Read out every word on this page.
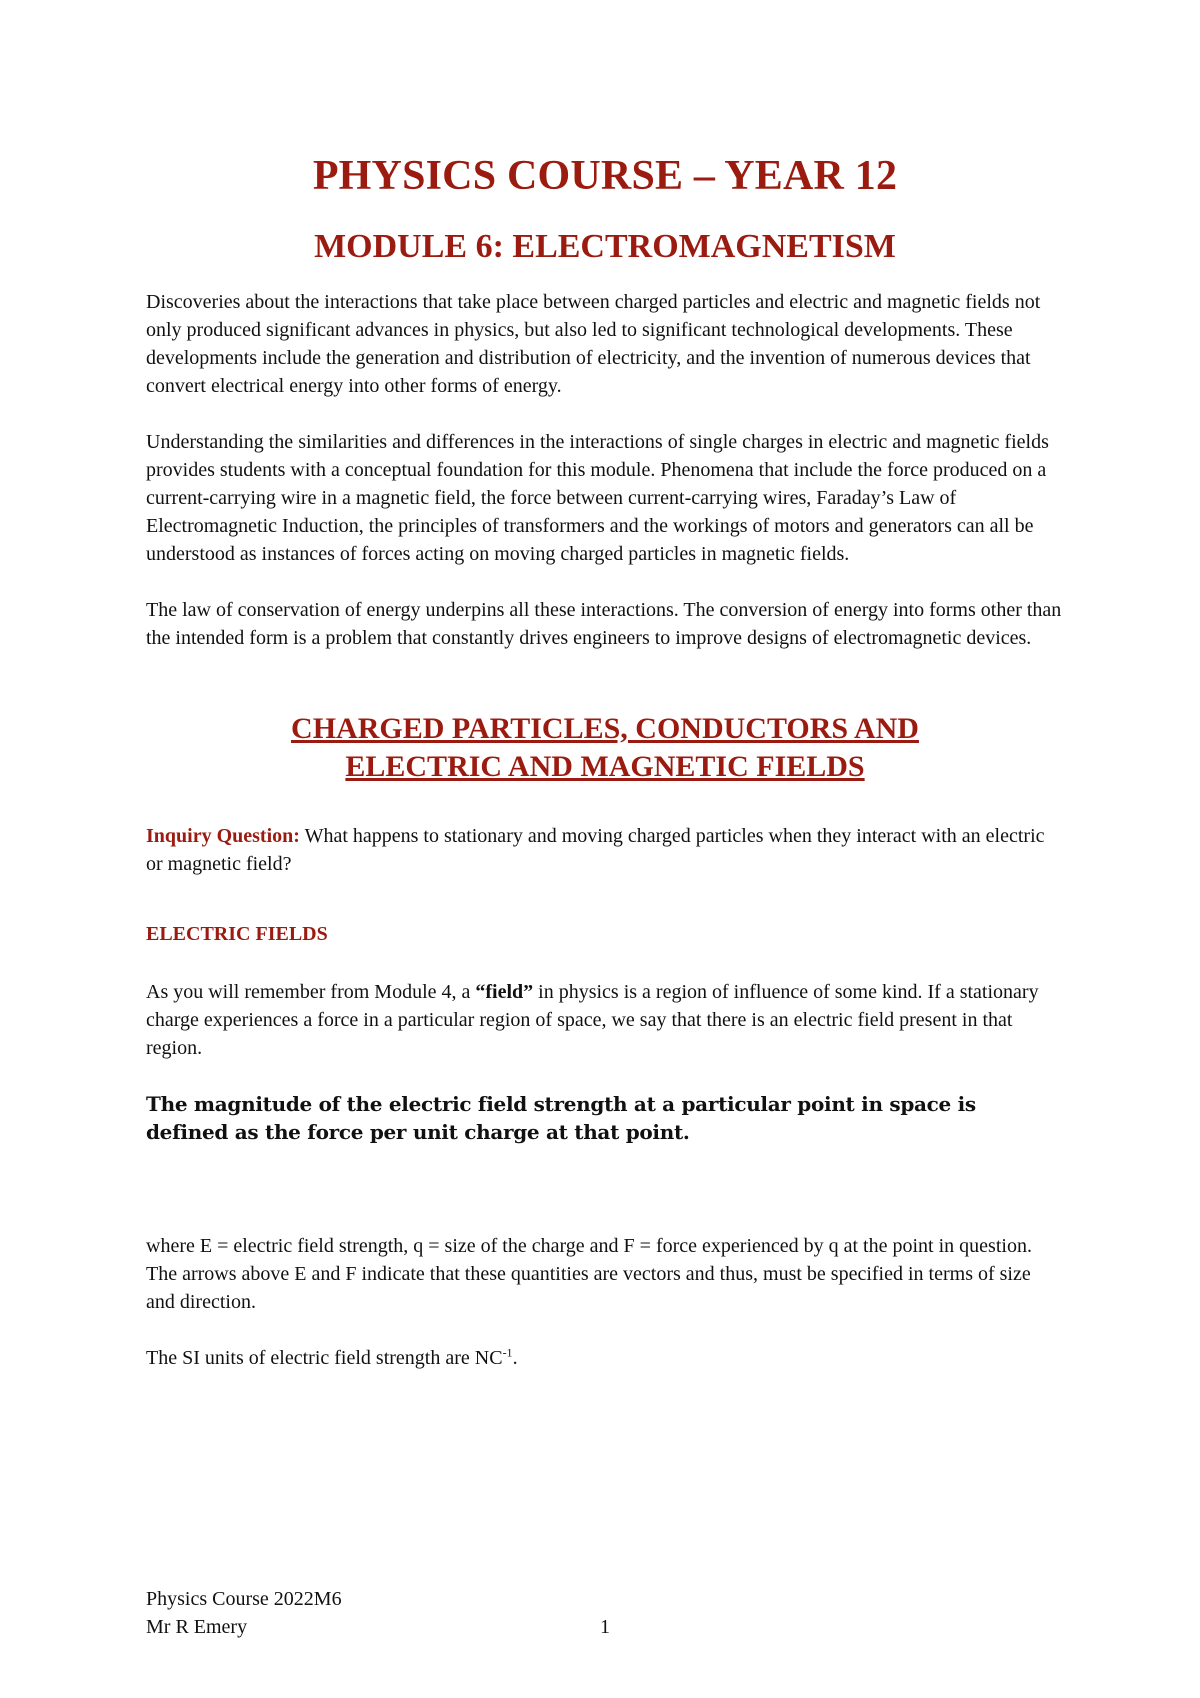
PHYSICS COURSE – YEAR 12
MODULE 6: ELECTROMAGNETISM

Discoveries about the interactions that take place between charged particles and electric and magnetic fields not only produced significant advances in physics, but also led to significant technological developments. These developments include the generation and distribution of electricity, and the invention of numerous devices that convert electrical energy into other forms of energy.

Understanding the similarities and differences in the interactions of single charges in electric and magnetic fields provides students with a conceptual foundation for this module. Phenomena that include the force produced on a current-carrying wire in a magnetic field, the force between current-carrying wires, Faraday’s Law of Electromagnetic Induction, the principles of transformers and the workings of motors and generators can all be understood as instances of forces acting on moving charged particles in magnetic fields.

The law of conservation of energy underpins all these interactions. The conversion of energy into forms other than the intended form is a problem that constantly drives engineers to improve designs of electromagnetic devices.

CHARGED PARTICLES, CONDUCTORS AND
ELECTRIC AND MAGNETIC FIELDS

Inquiry Question: What happens to stationary and moving charged particles when they interact with an electric or magnetic field?

ELECTRIC FIELDS

As you will remember from Module 4, a “field” in physics is a region of influence of some kind. If a stationary charge experiences a force in a particular region of space, we say that there is an electric field present in that region.

The magnitude of the electric field strength at a particular point in space is defined as the force per unit charge at that point.

where E = electric field strength, q = size of the charge and F = force experienced by q at the point in question. The arrows above E and F indicate that these quantities are vectors and thus, must be specified in terms of size and direction.

The SI units of electric field strength are $NC^{-1}$.

Physics Course 2022M6
Mr R Emery	1
